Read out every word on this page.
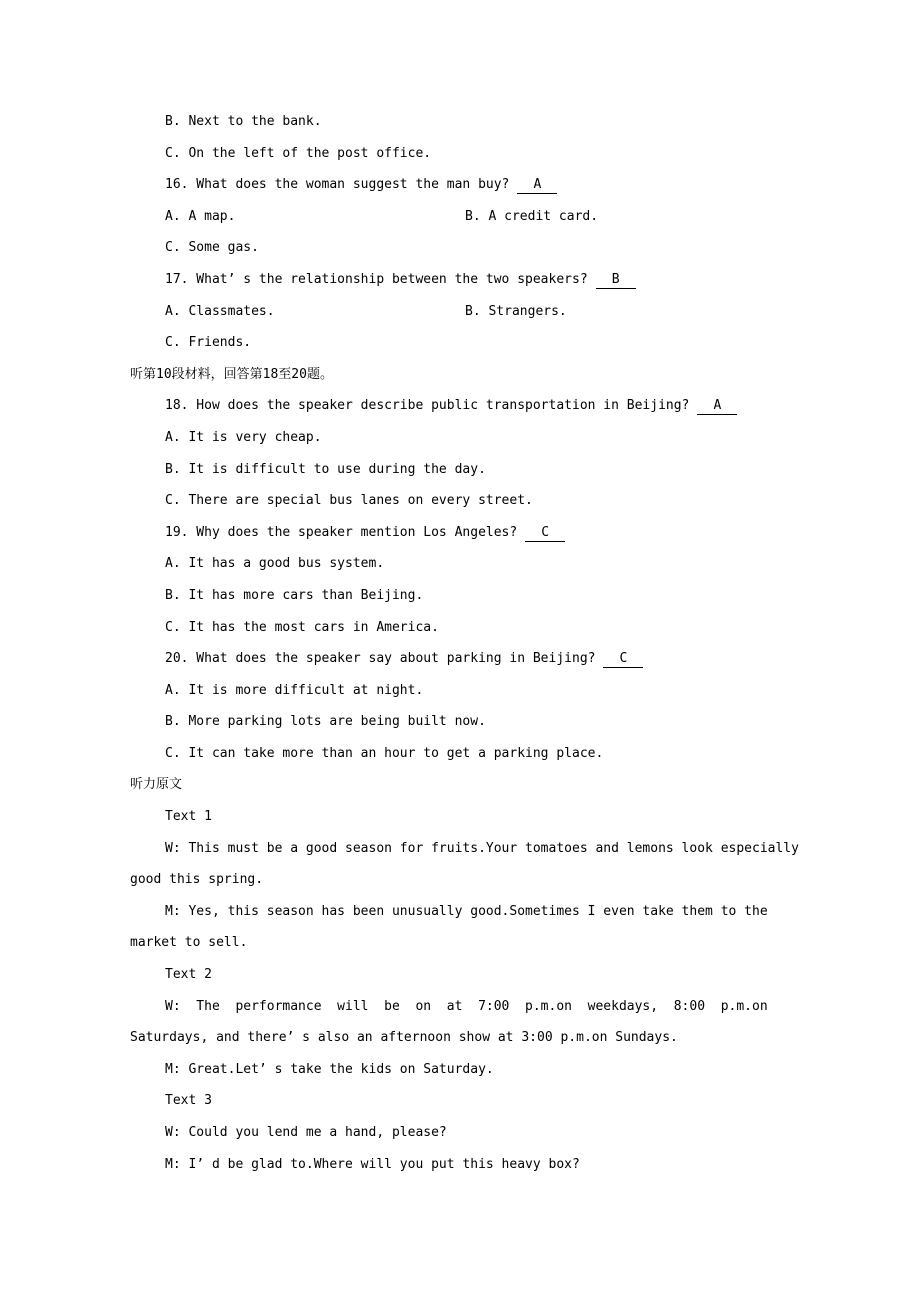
B. Next to the bank.
C. On the left of the post office.
16. What does the woman suggest the man buy? A
A. A map.	B. A credit card.
C. Some gas.
17. What’ s the relationship between the two speakers? B
A. Classmates.	B. Strangers.
C. Friends.
听第10段材料，回答第18至20题。
18. How does the speaker describe public transportation in Beijing? A
A. It is very cheap.
B. It is difficult to use during the day.
C. There are special bus lanes on every street.
19. Why does the speaker mention Los Angeles? C
A. It has a good bus system.
B. It has more cars than Beijing.
C. It has the most cars in America.
20. What does the speaker say about parking in Beijing? C
A. It is more difficult at night.
B. More parking lots are being built now.
C. It can take more than an hour to get a parking place.
听力原文
Text 1
W: This must be a good season for fruits.Your tomatoes and lemons look especially
good this spring.
M: Yes, this season has been unusually good.Sometimes I even take them to the
market to sell.
Text 2
W:  The  performance  will  be  on  at  7:00  p.m.on  weekdays,  8:00  p.m.on
Saturdays, and there’ s also an afternoon show at 3:00 p.m.on Sundays.
M: Great.Let’ s take the kids on Saturday.
Text 3
W: Could you lend me a hand, please?
M: I’ d be glad to.Where will you put this heavy box?
